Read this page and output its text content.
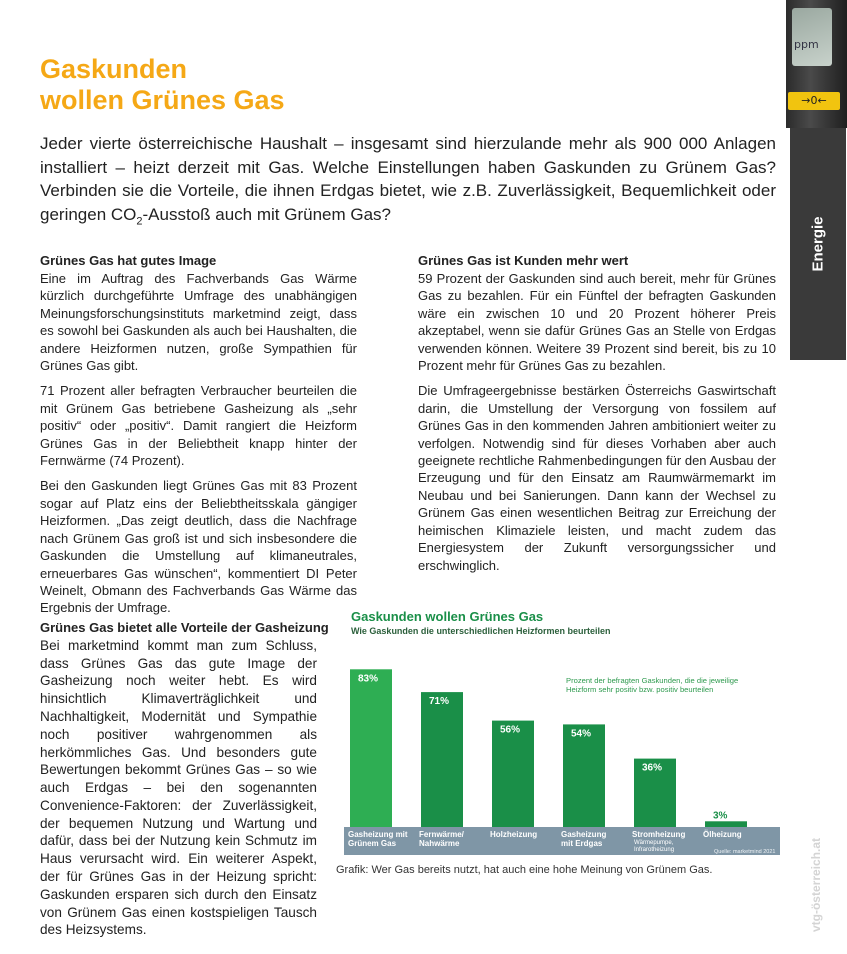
ppm
→0←
Energie
vtg-österreich.at
Gaskunden
wollen Grünes Gas

Jeder vierte österreichische Haushalt – insgesamt sind hierzulande mehr als 900 000 Anlagen installiert – heizt derzeit mit Gas. Welche Einstellungen haben Gaskunden zu Grünem Gas? Verbinden sie die Vorteile, die ihnen Erdgas bietet, wie z.B. Zuverlässigkeit, Bequemlichkeit oder geringen $CO_2$-Ausstoß auch mit Grünem Gas?

Grünes Gas hat gutes Image

Eine im Auftrag des Fachverbands Gas Wärme kürzlich durchgeführte Umfrage des unabhängigen Meinungsforschungsinstituts marketmind zeigt, dass es sowohl bei Gaskunden als auch bei Haushalten, die andere Heizformen nutzen, große Sympathien für Grünes Gas gibt.

71 Prozent aller befragten Verbraucher beurteilen die mit Grünem Gas betriebene Gasheizung als „sehr positiv“ oder „positiv“. Damit rangiert die Heizform Grünes Gas in der Beliebtheit knapp hinter der Fernwärme (74 Prozent).

Bei den Gaskunden liegt Grünes Gas mit 83 Prozent sogar auf Platz eins der Beliebtheitsskala gängiger Heizformen. „Das zeigt deutlich, dass die Nachfrage nach Grünem Gas groß ist und sich insbesondere die Gaskunden die Umstellung auf klimaneutrales, erneuerbares Gas wünschen“, kommentiert DI Peter Weinelt, Obmann des Fachverbands Gas Wärme das Ergebnis der Umfrage.

Grünes Gas bietet alle Vorteile der Gasheizung

Bei marketmind kommt man zum Schluss, dass Grünes Gas das gute Image der Gasheizung noch weiter hebt. Es wird hinsichtlich Klimaverträglichkeit und Nachhaltigkeit, Modernität und Sympathie noch positiver wahrgenommen als herkömmliches Gas. Und besonders gute Bewertungen bekommt Grünes Gas – so wie auch Erdgas – bei den sogenannten Convenience-Faktoren: der Zuverlässigkeit, der bequemen Nutzung und Wartung und dafür, dass bei der Nutzung kein Schmutz im Haus verursacht wird. Ein weiterer Aspekt, der für Grünes Gas in der Heizung spricht: Gaskunden ersparen sich durch den Einsatz von Grünem Gas einen kostspieligen Tausch des Heizsystems.

Grünes Gas ist Kunden mehr wert

59 Prozent der Gaskunden sind auch bereit, mehr für Grünes Gas zu bezahlen. Für ein Fünftel der befragten Gaskunden wäre ein zwischen 10 und 20 Prozent höherer Preis akzeptabel, wenn sie dafür Grünes Gas an Stelle von Erdgas verwenden können. Weitere 39 Prozent sind bereit, bis zu 10 Prozent mehr für Grünes Gas zu bezahlen.

Die Umfrageergebnisse bestärken Österreichs Gaswirtschaft darin, die Umstellung der Versorgung von fossilem auf Grünes Gas in den kommenden Jahren ambitioniert weiter zu verfolgen. Notwendig sind für dieses Vorhaben aber auch geeignete rechtliche Rahmenbedingungen für den Ausbau der Erzeugung und für den Einsatz am Raumwärmemarkt im Neubau und bei Sanierungen. Dann kann der Wechsel zu Grünem Gas einen wesentlichen Beitrag zur Erreichung der heimischen Klimaziele leisten, und macht zudem das Energiesystem der Zukunft versorgungssicher und erschwinglich.

Gaskunden wollen Grünes Gas
Wie Gaskunden die unterschiedlichen Heizformen beurteilen
Prozent der befragten Gaskunden, die die jeweilige
Heizform sehr positiv bzw. positiv beurteilen
83%
Gasheizung mit
Grünem Gas
71%
Fernwärme/
Nahwärme
56%
Holzheizung
54%
Gasheizung
mit Erdgas
36%
Stromheizung
Wärmepumpe,
Infrarotheizung
3%
Ölheizung
Quelle: marketmind 2021

Grafik: Wer Gas bereits nutzt, hat auch eine hohe Meinung von Grünem Gas.
